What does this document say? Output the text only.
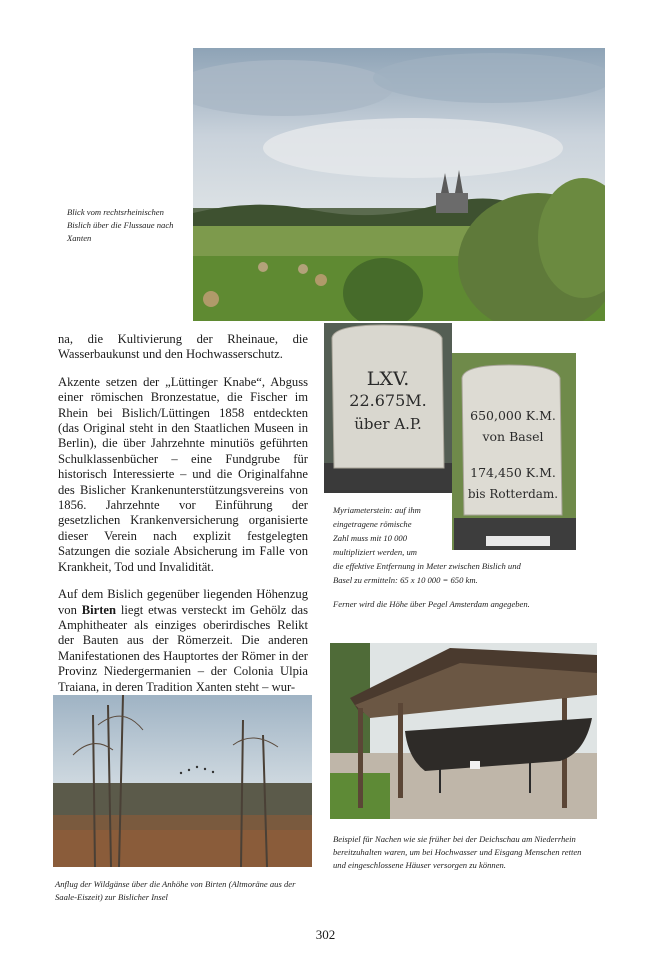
Blick vom rechtsrheinischen Bislich über die Flussaue nach Xanten
LXV.
22.675M.
über A.P.	650,000 K.M.
von Basel
174,450 K.M.
bis Rotterdam.
Myriameterstein: auf ihm
eingetragene römische
Zahl muss mit 10 000
multipliziert werden, um
die effektive Entfernung in Meter zwischen Bislich und
Basel zu ermitteln: 65 x 10 000 = 650 km.
Ferner wird die Höhe über Pegel Amsterdam angegeben.

na, die Kultivierung der Rheinaue, die Wasserbaukunst und den Hochwasserschutz.

Akzente setzen der „Lüttinger Knabe“, Abguss einer römischen Bronzestatue, die Fischer im Rhein bei Bislich/Lüttingen 1858 entdeckten (das Original steht in den Staatlichen Museen in Berlin), die über Jahrzehnte minutiös geführten Schulklassenbücher – eine Fundgrube für historisch Interessierte – und die Originalfahne des Bislicher Krankenunterstützungsvereins von 1856. Jahrzehnte vor Einführung der gesetzlichen Krankenversicherung organisierte dieser Verein nach explizit festgelegten Satzungen die soziale Absicherung im Falle von Krankheit, Tod und Invalidität.

Auf dem Bislich gegenüber liegenden Höhenzug von Birten liegt etwas versteckt im Gehölz das Amphitheater als einziges oberirdisches Relikt der Bauten aus der Römerzeit. Die anderen Manifestationen des Hauptortes der Römer in der Provinz Niedergermanien – der Colonia Ulpia Traiana, in deren Tradition Xanten steht – wur-

Anflug der Wildgänse über die Anhöhe von Birten (Altmoräne aus der Saale-Eiszeit) zur Bislicher Insel
Beispiel für Nachen wie sie früher bei der Deichschau am Niederrhein bereitzuhalten waren, um bei Hochwasser und Eisgang Menschen retten und eingeschlossene Häuser versorgen zu können.
302
